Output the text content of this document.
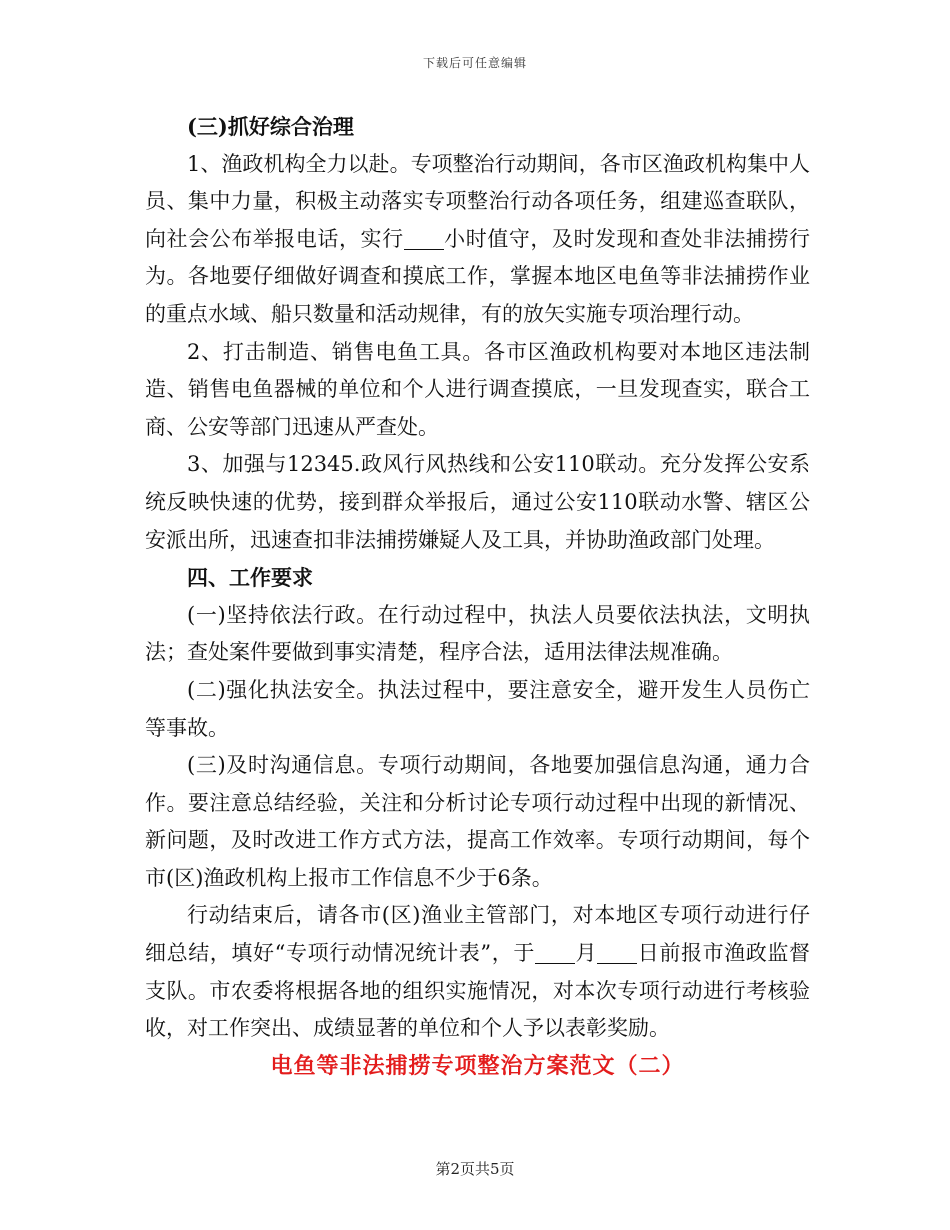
下载后可任意编辑

(三)抓好综合治理

1、渔政机构全力以赴。专项整治行动期间，各市区渔政机构集中人员、集中力量，积极主动落实专项整治行动各项任务，组建巡查联队，向社会公布举报电话，实行 小时值守，及时发现和查处非法捕捞行为。各地要仔细做好调查和摸底工作，掌握本地区电鱼等非法捕捞作业的重点水域、船只数量和活动规律，有的放矢实施专项治理行动。

2、打击制造、销售电鱼工具。各市区渔政机构要对本地区违法制造、销售电鱼器械的单位和个人进行调查摸底，一旦发现查实，联合工商、公安等部门迅速从严查处。

3、加强与12345.政风行风热线和公安110联动。充分发挥公安系统反映快速的优势，接到群众举报后，通过公安110联动水警、辖区公安派出所，迅速查扣非法捕捞嫌疑人及工具，并协助渔政部门处理。

四、工作要求

(一)坚持依法行政。在行动过程中，执法人员要依法执法，文明执法；查处案件要做到事实清楚，程序合法，适用法律法规准确。

(二)强化执法安全。执法过程中，要注意安全，避开发生人员伤亡等事故。

(三)及时沟通信息。专项行动期间，各地要加强信息沟通，通力合作。要注意总结经验，关注和分析讨论专项行动过程中出现的新情况、新问题，及时改进工作方式方法，提高工作效率。专项行动期间，每个市(区)渔政机构上报市工作信息不少于6条。

行动结束后，请各市(区)渔业主管部门，对本地区专项行动进行仔细总结，填好“专项行动情况统计表”，于 月 日前报市渔政监督支队。市农委将根据各地的组织实施情况，对本次专项行动进行考核验收，对工作突出、成绩显著的单位和个人予以表彰奖励。

电鱼等非法捕捞专项整治方案范文（二）

第2页共5页
